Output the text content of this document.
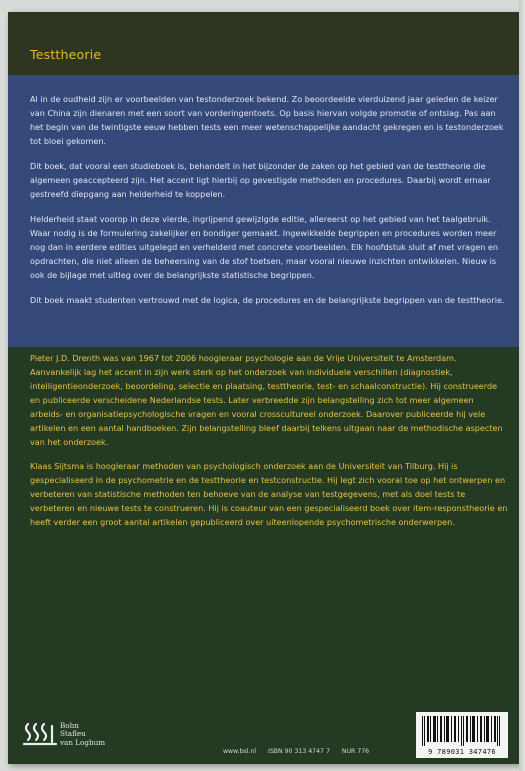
Testtheorie

Al in de oudheid zijn er voorbeelden van testonderzoek bekend. Zo beoordeelde vierduizend jaar geleden de keizer van China zijn dienaren met een soort van vorderingentoets. Op basis hiervan volgde promotie of ontslag. Pas aan het begin van de twintigste eeuw hebben tests een meer wetenschappelijke aandacht gekregen en is testonderzoek tot bloei gekomen.

Dit boek, dat vooral een studieboek is, behandelt in het bijzonder de zaken op het gebied van de testtheorie die algemeen geaccepteerd zijn. Het accent ligt hierbij op gevestigde methoden en procedures. Daarbij wordt ernaar gestreefd diepgang aan helderheid te koppelen.

Helderheid staat voorop in deze vierde, ingrijpend gewijzigde editie, allereerst op het gebied van het taalgebruik. Waar nodig is de formulering zakelijker en bondiger gemaakt. Ingewikkelde begrippen en procedures worden meer nog dan in eerdere edities uitgelegd en verhelderd met concrete voorbeelden. Elk hoofdstuk sluit af met vragen en opdrachten, die niet alleen de beheersing van de stof toetsen, maar vooral nieuwe inzichten ontwikkelen. Nieuw is ook de bijlage met uitleg over de belangrijkste statistische begrippen.

Dit boek maakt studenten vertrouwd met de logica, de procedures en de belangrijkste begrippen van de testtheorie.

Pieter J.D. Drenth was van 1967 tot 2006 hoogleraar psychologie aan de Vrije Universiteit te Amsterdam. Aanvankelijk lag het accent in zijn werk sterk op het onderzoek van individuele verschillen (diagnostiek, intelligentieonderzoek, beoordeling, selectie en plaatsing, testtheorie, test- en schaalconstructie). Hij construeerde en publiceerde verscheidene Nederlandse tests. Later verbreedde zijn belangstelling zich tot meer algemeen arbeids- en organisatiepsychologische vragen en vooral crosscultureel onderzoek. Daarover publiceerde hij vele artikelen en een aantal handboeken. Zijn belangstelling bleef daarbij telkens uitgaan naar de methodische aspecten van het onderzoek.

Klaas Sijtsma is hoogleraar methoden van psychologisch onderzoek aan de Universiteit van Tilburg. Hij is gespecialiseerd in de psychometrie en de testtheorie en testconstructie. Hij legt zich vooral toe op het ontwerpen en verbeteren van statistische methoden ten behoeve van de analyse van testgegevens, met als doel tests te verbeteren en nieuwe tests te construeren. Hij is coauteur van een gespecialiseerd boek over item-responstheorie en heeft verder een groot aantal artikelen gepubliceerd over uiteenlopende psychometrische onderwerpen.

Bohn
Stafleu
van Loghum
www.bsl.nl ISBN 90 313 4747 7 NUR 776	9 789031 347476
